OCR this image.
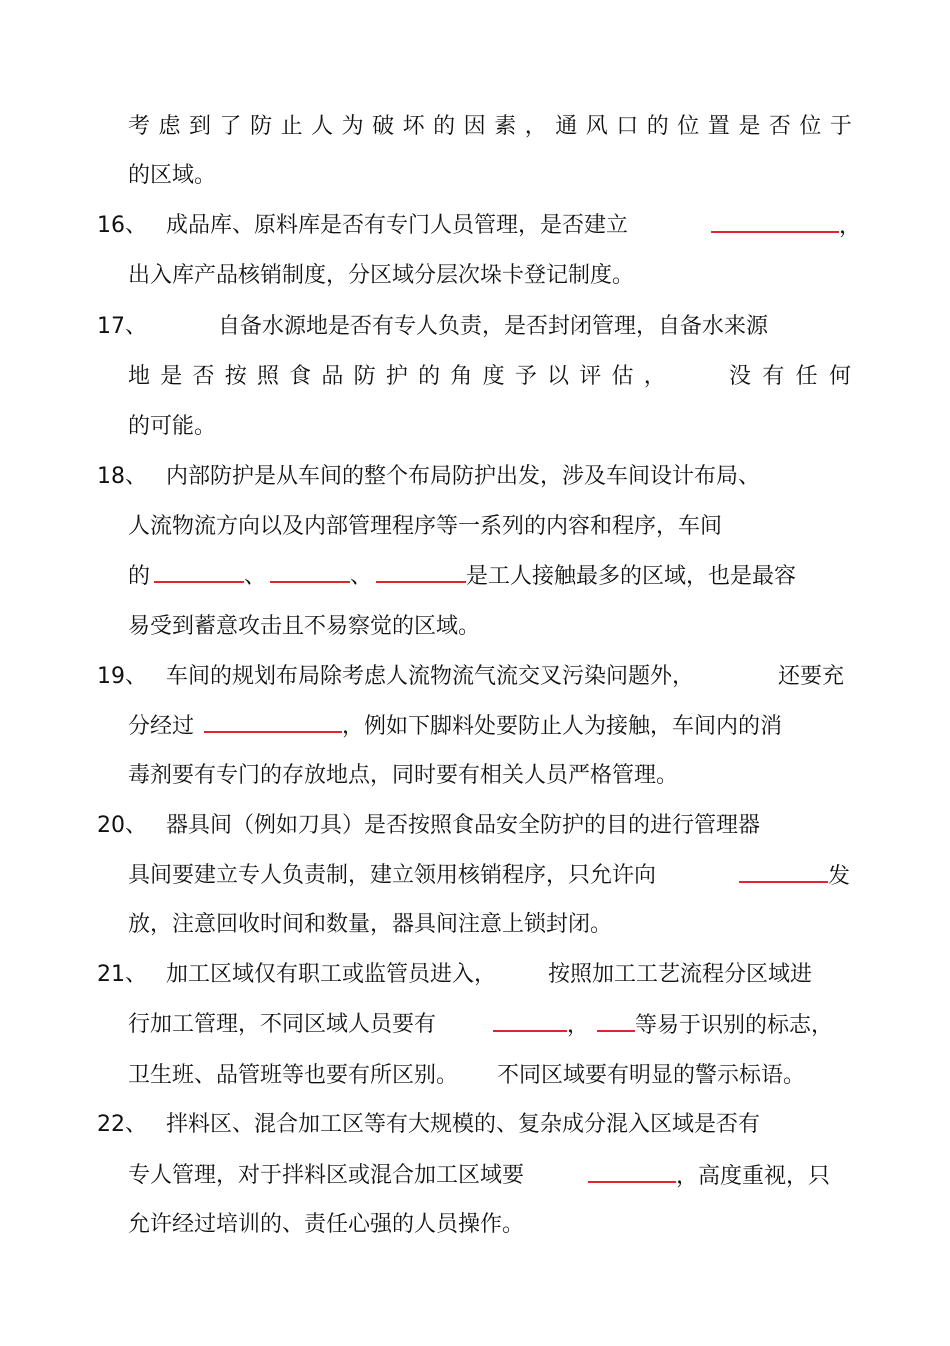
考 虑 到 了 防 止 人 为 破 坏 的 因 素 ， 通 风 口 的 位 置 是 否 位 于
的区域。
16、 成品库、原料库是否有专门人员管理，是否建立	，
出入库产品核销制度，分区域分层次垛卡登记制度。
17、	自备水源地是否有专人负责，是否封闭管理，自备水来源
地 是 否 按 照 食 品 防 护 的 角 度 予 以 评 估 ，	没 有 任 何
的可能。
18、 内部防护是从车间的整个布局防护出发，涉及车间设计布局、
人流物流方向以及内部管理程序等一系列的内容和程序，车间
的	、	、	是工人接触最多的区域，也是最容
易受到蓄意攻击且不易察觉的区域。
19、 车间的规划布局除考虑人流物流气流交叉污染问题外，	还要充
分经过	，例如下脚料处要防止人为接触，车间内的消
毒剂要有专门的存放地点，同时要有相关人员严格管理。
20、 器具间（例如刀具）是否按照食品安全防护的目的进行管理器
具间要建立专人负责制，建立领用核销程序，只允许向	发
放，注意回收时间和数量，器具间注意上锁封闭。
21、 加工区域仅有职工或监管员进入， 按照加工工艺流程分区域进
行加工管理，不同区域人员要有	， 等易于识别的标志，
卫生班、品管班等也要有所区别。 不同区域要有明显的警示标语。
22、 拌料区、混合加工区等有大规模的、复杂成分混入区域是否有
专人管理，对于拌料区或混合加工区域要	，高度重视，只
允许经过培训的、责任心强的人员操作。
